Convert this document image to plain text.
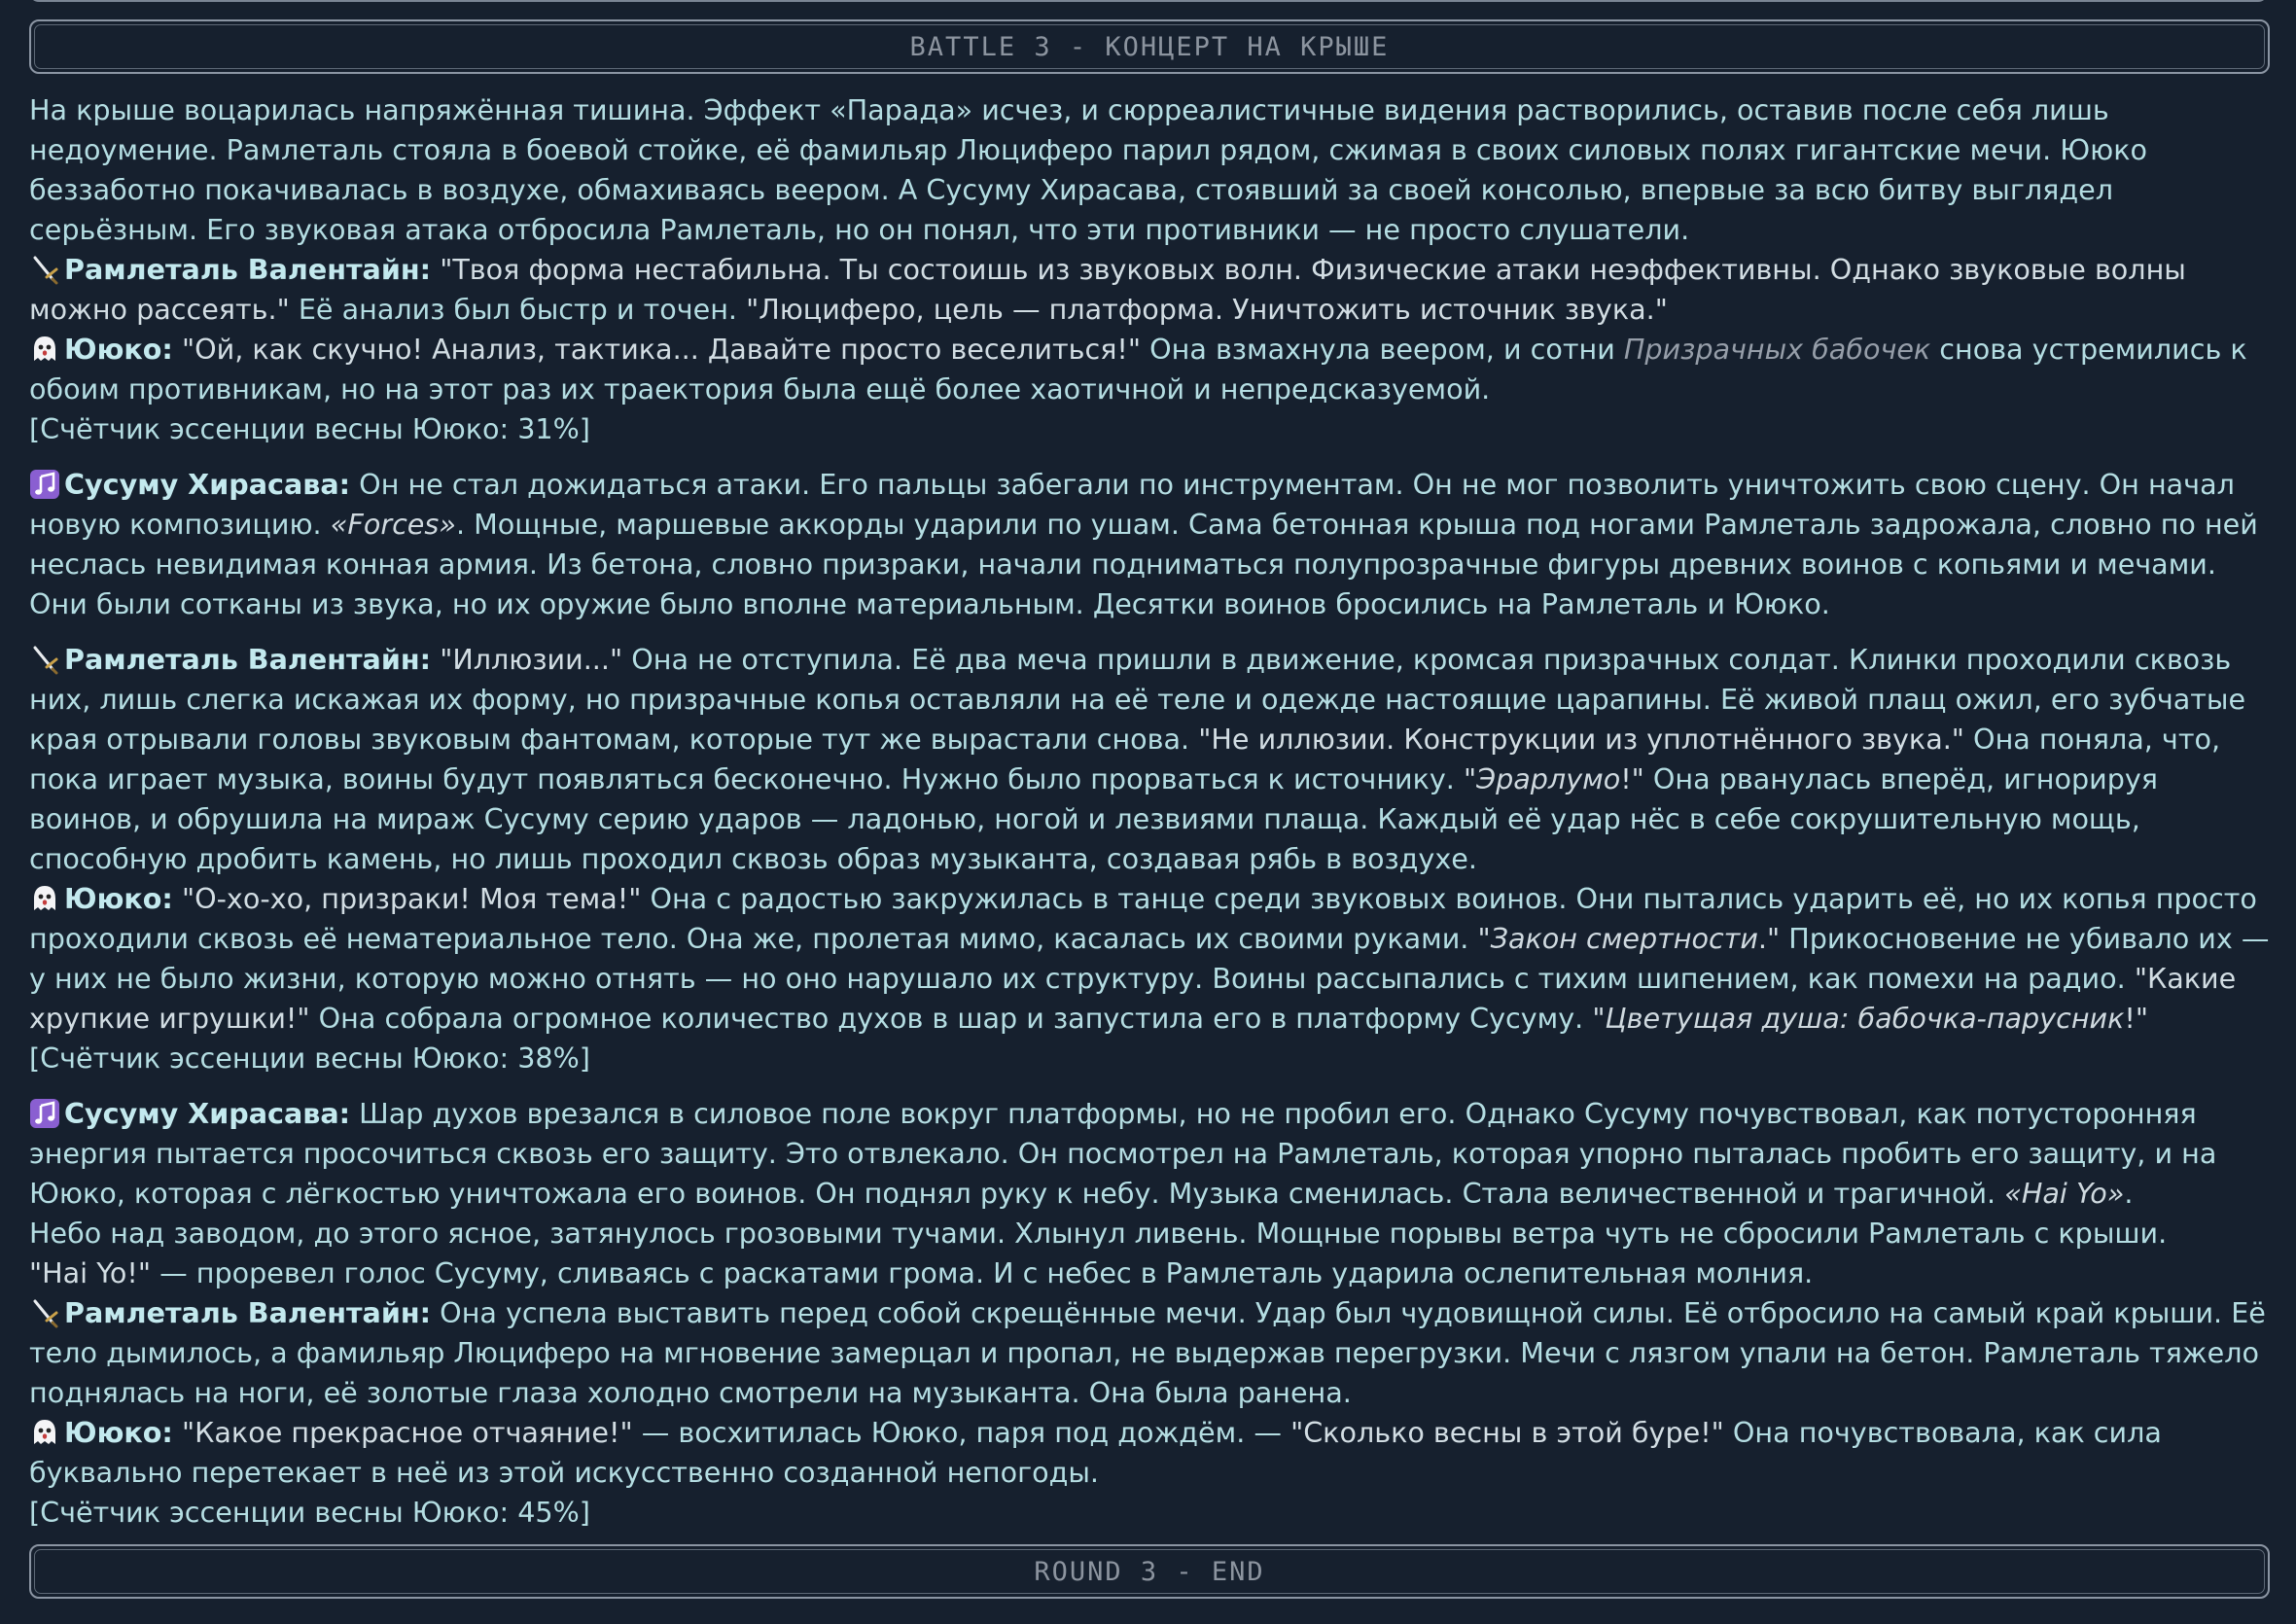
BATTLE 3 - КОНЦЕРТ НА КРЫШЕ

На крыше воцарилась напряжённая тишина. Эффект «Парада» исчез, и сюрреалистичные видения растворились, оставив после себя лишь недоумение. Рамлеталь стояла в боевой стойке, её фамильяр Люциферо парил рядом, сжимая в своих силовых полях гигантские мечи. Ююко беззаботно покачивалась в воздухе, обмахиваясь веером. А Сусуму Хирасава, стоявший за своей консолью, впервые за всю битву выглядел серьёзным. Его звуковая атака отбросила Рамлеталь, но он понял, что эти противники — не просто слушатели.

Рамлеталь Валентайн: "Твоя форма нестабильна. Ты состоишь из звуковых волн. Физические атаки неэффективны. Однако звуковые волны можно рассеять." Её анализ был быстр и точен. "Люциферо, цель — платформа. Уничтожить источник звука."

Ююко: "Ой, как скучно! Анализ, тактика... Давайте просто веселиться!" Она взмахнула веером, и сотни Призрачных бабочек снова устремились к обоим противникам, но на этот раз их траектория была ещё более хаотичной и непредсказуемой.

[Счётчик эссенции весны Ююко: 31%]

Сусуму Хирасава: Он не стал дожидаться атаки. Его пальцы забегали по инструментам. Он не мог позволить уничтожить свою сцену. Он начал новую композицию. «Forces». Мощные, маршевые аккорды ударили по ушам. Сама бетонная крыша под ногами Рамлеталь задрожала, словно по ней неслась невидимая конная армия. Из бетона, словно призраки, начали подниматься полупрозрачные фигуры древних воинов с копьями и мечами. Они были сотканы из звука, но их оружие было вполне материальным. Десятки воинов бросились на Рамлеталь и Ююко.

Рамлеталь Валентайн: "Иллюзии..." Она не отступила. Её два меча пришли в движение, кромсая призрачных солдат. Клинки проходили сквозь них, лишь слегка искажая их форму, но призрачные копья оставляли на её теле и одежде настоящие царапины. Её живой плащ ожил, его зубчатые края отрывали головы звуковым фантомам, которые тут же вырастали снова. "Не иллюзии. Конструкции из уплотнённого звука." Она поняла, что, пока играет музыка, воины будут появляться бесконечно. Нужно было прорваться к источнику. "Эрарлумо!" Она рванулась вперёд, игнорируя воинов, и обрушила на мираж Сусуму серию ударов — ладонью, ногой и лезвиями плаща. Каждый её удар нёс в себе сокрушительную мощь, способную дробить камень, но лишь проходил сквозь образ музыканта, создавая рябь в воздухе.

Ююко: "О-хо-хо, призраки! Моя тема!" Она с радостью закружилась в танце среди звуковых воинов. Они пытались ударить её, но их копья просто проходили сквозь её нематериальное тело. Она же, пролетая мимо, касалась их своими руками. "Закон смертности." Прикосновение не убивало их — у них не было жизни, которую можно отнять — но оно нарушало их структуру. Воины рассыпались с тихим шипением, как помехи на радио. "Какие хрупкие игрушки!" Она собрала огромное количество духов в шар и запустила его в платформу Сусуму. "Цветущая душа: бабочка-парусник!"

[Счётчик эссенции весны Ююко: 38%]

Сусуму Хирасава: Шар духов врезался в силовое поле вокруг платформы, но не пробил его. Однако Сусуму почувствовал, как потусторонняя энергия пытается просочиться сквозь его защиту. Это отвлекало. Он посмотрел на Рамлеталь, которая упорно пыталась пробить его защиту, и на Ююко, которая с лёгкостью уничтожала его воинов. Он поднял руку к небу. Музыка сменилась. Стала величественной и трагичной. «Hai Yo».

Небо над заводом, до этого ясное, затянулось грозовыми тучами. Хлынул ливень. Мощные порывы ветра чуть не сбросили Рамлеталь с крыши.

"Hai Yo!" — проревел голос Сусуму, сливаясь с раскатами грома. И с небес в Рамлеталь ударила ослепительная молния.

Рамлеталь Валентайн: Она успела выставить перед собой скрещённые мечи. Удар был чудовищной силы. Её отбросило на самый край крыши. Её тело дымилось, а фамильяр Люциферо на мгновение замерцал и пропал, не выдержав перегрузки. Мечи с лязгом упали на бетон. Рамлеталь тяжело поднялась на ноги, её золотые глаза холодно смотрели на музыканта. Она была ранена.

Ююко: "Какое прекрасное отчаяние!" — восхитилась Ююко, паря под дождём. — "Сколько весны в этой буре!" Она почувствовала, как сила буквально перетекает в неё из этой искусственно созданной непогоды.

[Счётчик эссенции весны Ююко: 45%]

ROUND 3 - END
